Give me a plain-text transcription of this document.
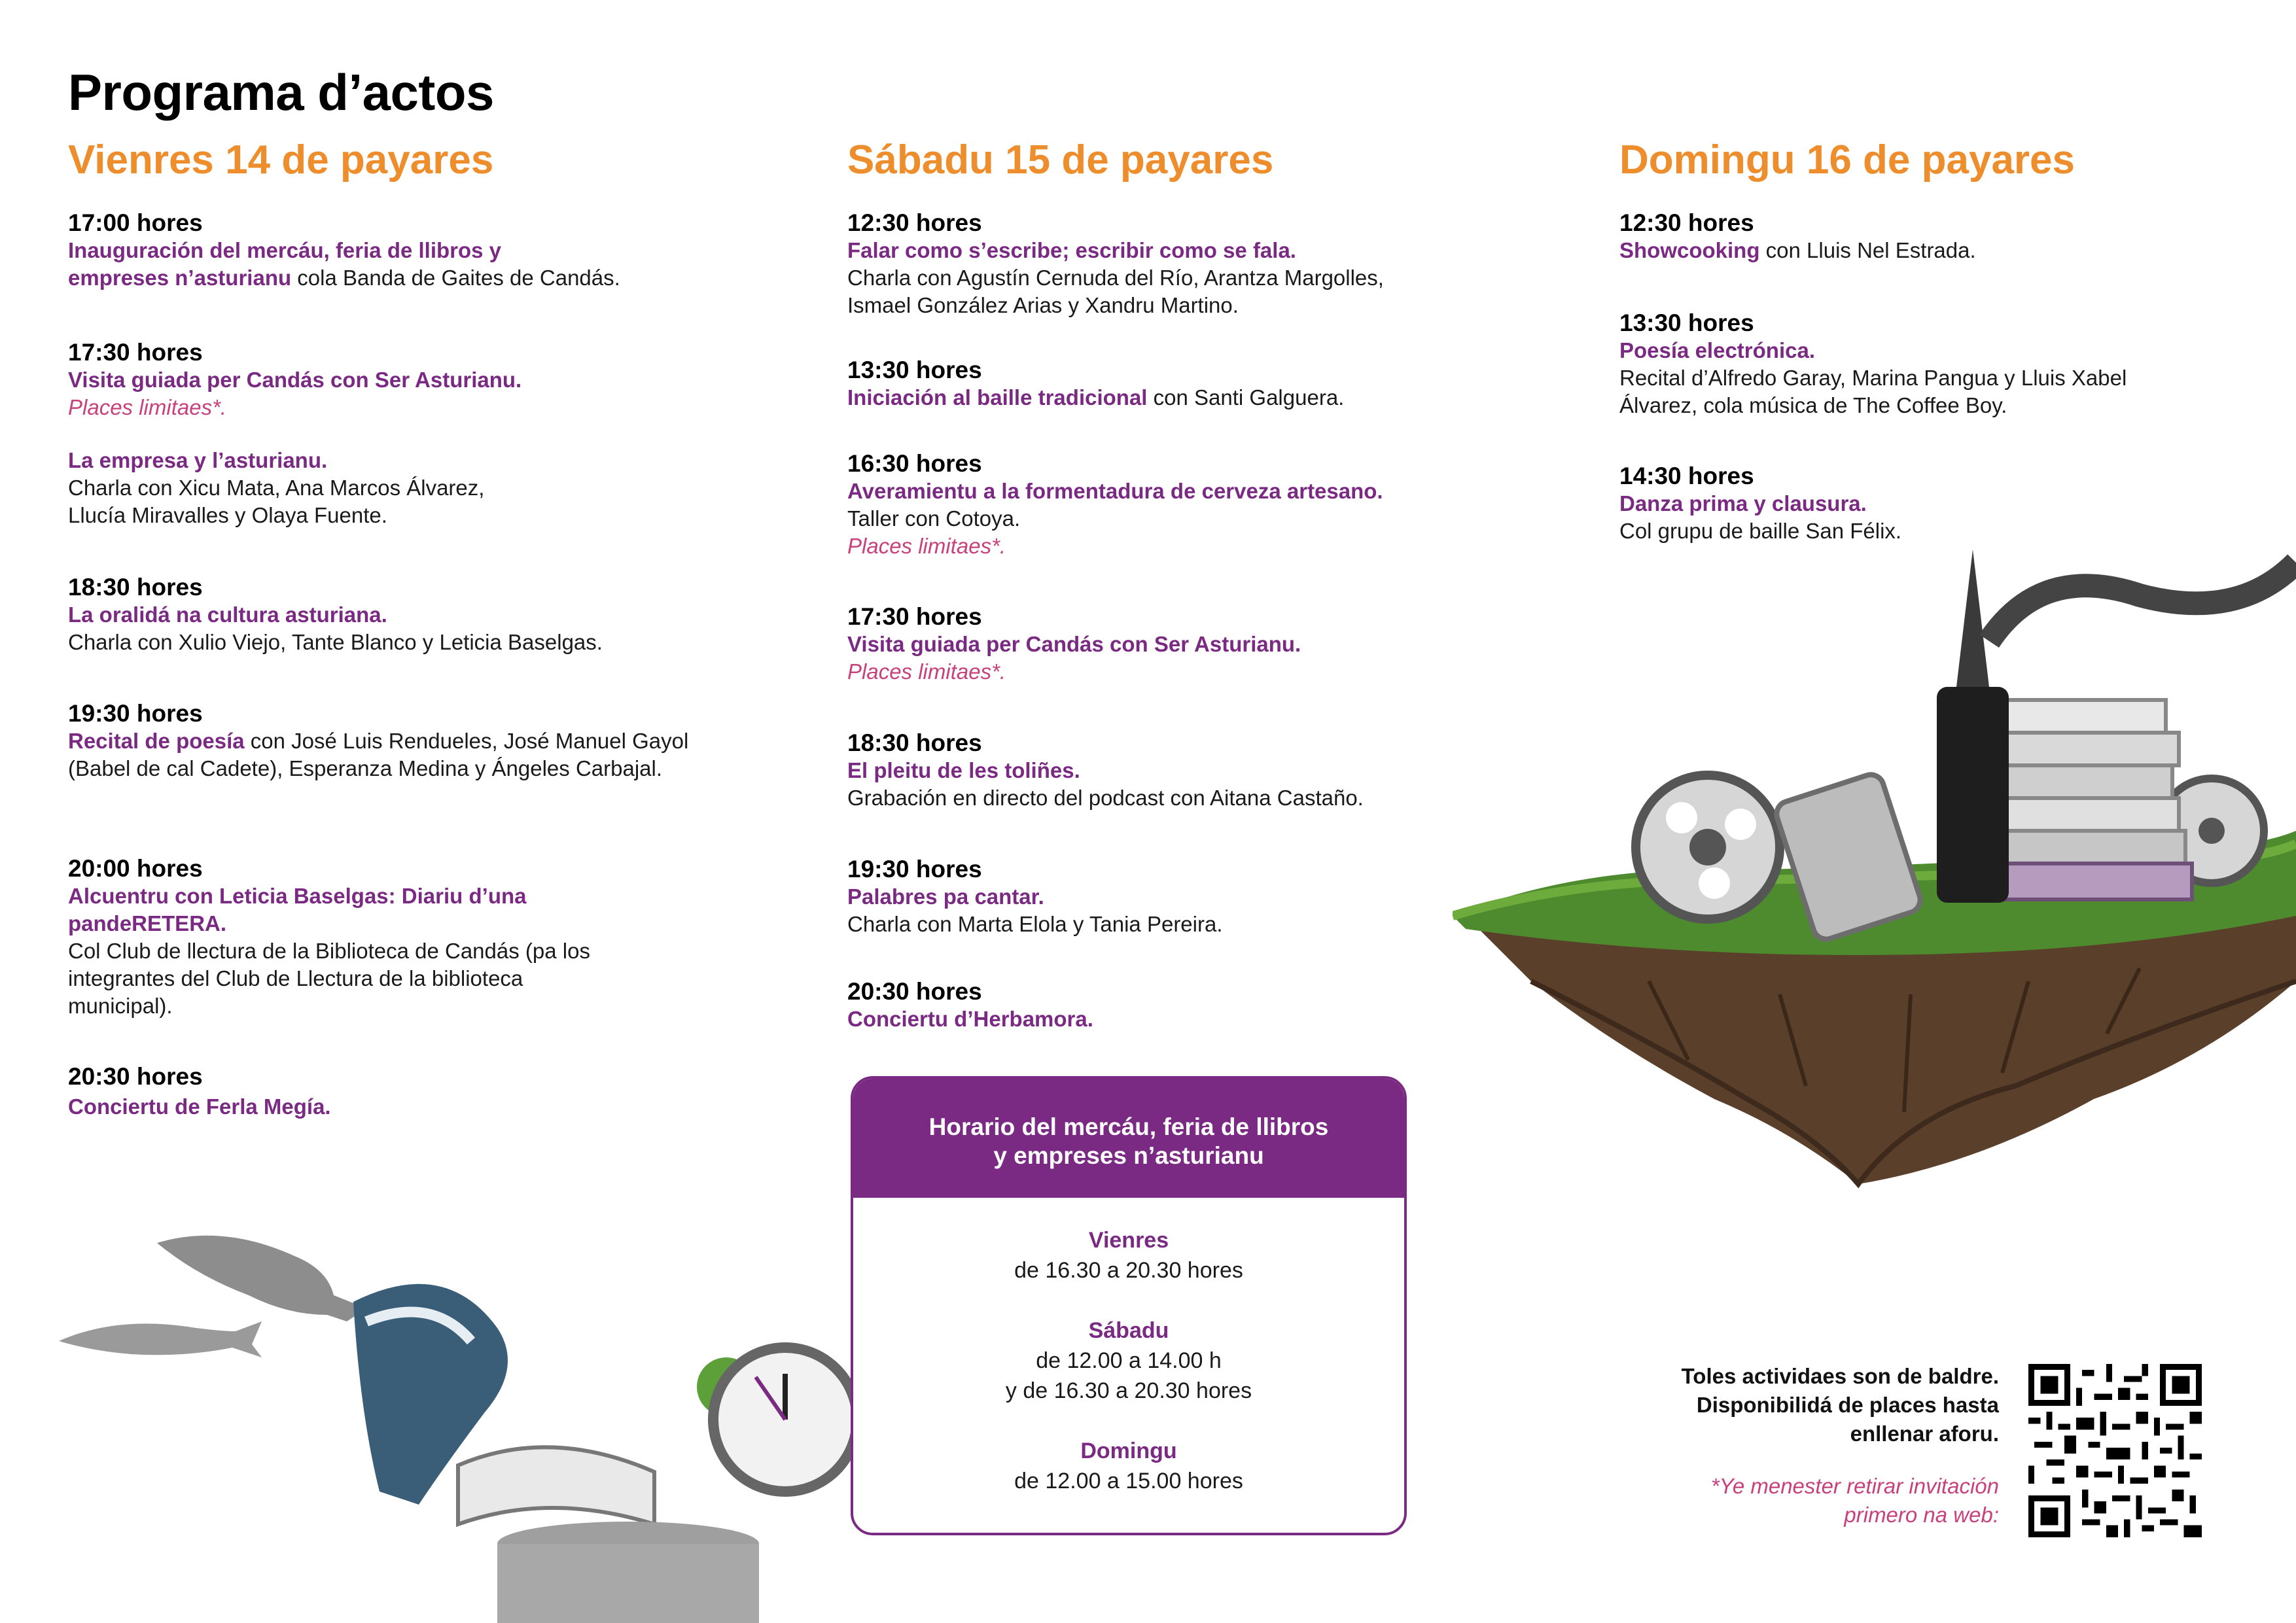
Programa d’actos
Vienres 14 de payares
17:00 hores
Inauguración del mercáu, feria de llibros y
empreses n’asturianu cola Banda de Gaites de Candás.
17:30 hores
Visita guiada per Candás con Ser Asturianu.
Places limitaes*.
La empresa y l’asturianu.
Charla con Xicu Mata, Ana Marcos Álvarez, Llucía Miravalles y Olaya Fuente.
18:30 hores
La oralidá na cultura asturiana.
Charla con Xulio Viejo, Tante Blanco y Leticia Baselgas.
19:30 hores
Recital de poesía con José Luis Rendueles, José Manuel Gayol (Babel de cal Cadete), Esperanza Medina y Ángeles Carbajal.
20:00 hores
Alcuentru con Leticia Baselgas: Diariu d’una pandeRETERA.
Col Club de llectura de la Biblioteca de Candás (pa los integrantes del Club de Llectura de la biblioteca municipal).
20:30 hores
Conciertu de Ferla Megía.
Sábadu 15 de payares
12:30 hores
Falar como s’escribe; escribir como se fala.
Charla con Agustín Cernuda del Río, Arantza Margolles, Ismael González Arias y Xandru Martino.
13:30 hores
Iniciación al baille tradicional con Santi Galguera.
16:30 hores
Averamientu a la formentadura de cerveza artesano.
Taller con Cotoya.
Places limitaes*.
17:30 hores
Visita guiada per Candás con Ser Asturianu.
Places limitaes*.
18:30 hores
El pleitu de les toliñes.
Grabación en directo del podcast con Aitana Castaño.
19:30 hores
Palabres pa cantar.
Charla con Marta Elola y Tania Pereira.
20:30 hores
Conciertu d’Herbamora.
Domingu 16 de payares
12:30 hores
Showcooking con Lluis Nel Estrada.
13:30 hores
Poesía electrónica.
Recital d’Alfredo Garay, Marina Pangua y Lluis Xabel Álvarez, cola música de The Coffee Boy.
14:30 hores
Danza prima y clausura.
Col grupu de baille San Félix.
Horario del mercáu, feria de llibros
y empreses n’asturianu
Vienres
de 16.30 a 20.30 hores
Sábadu
de 12.00 a 14.00 h
y de 16.30 a 20.30 hores
Domingu
de 12.00 a 15.00 hores
Toles actividaes son de baldre.
Disponibilidá de places hasta
enllenar aforu.
*Ye menester retirar invitación
primero na web:
